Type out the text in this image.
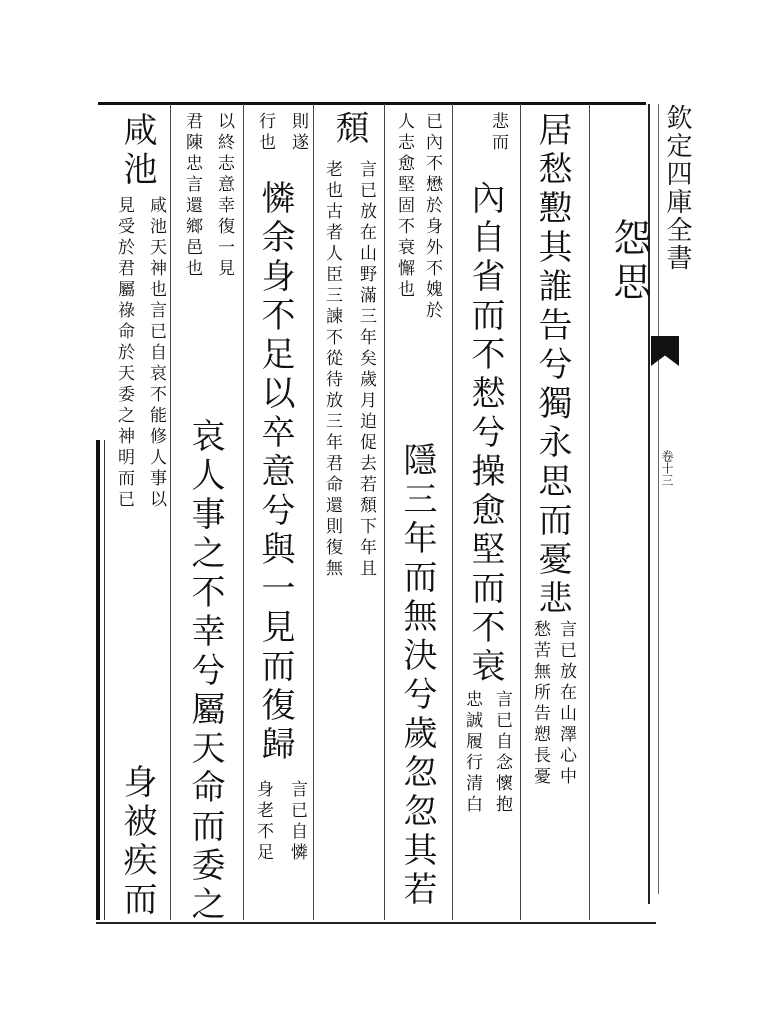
欽定四庫全書
卷十三
怨思
居愁懃其誰告兮獨永思而憂悲
言已放在山澤心中
愁苦無所告愬長憂
悲而
內自省而不慭兮操愈堅而不衰
言已自念懷抱
忠誠履行清白
已內不懋於身外不媿於
人志愈堅固不衰懈也
隱三年而無決兮歲忽忽其若
頹
言已放在山野滿三年矣歲月迫促去若頹下年且
老也古者人臣三諫不從待放三年君命還則復無
則遂
行也
憐余身不足以卒意兮與一見而復歸
言已自憐
身老不足
以終志意幸復一見
君陳忠言還鄉邑也
哀人事之不幸兮屬天命而委之
咸池
咸池天神也言已自哀不能修人事以
見受於君屬祿命於天委之神明而已
身被疾而
